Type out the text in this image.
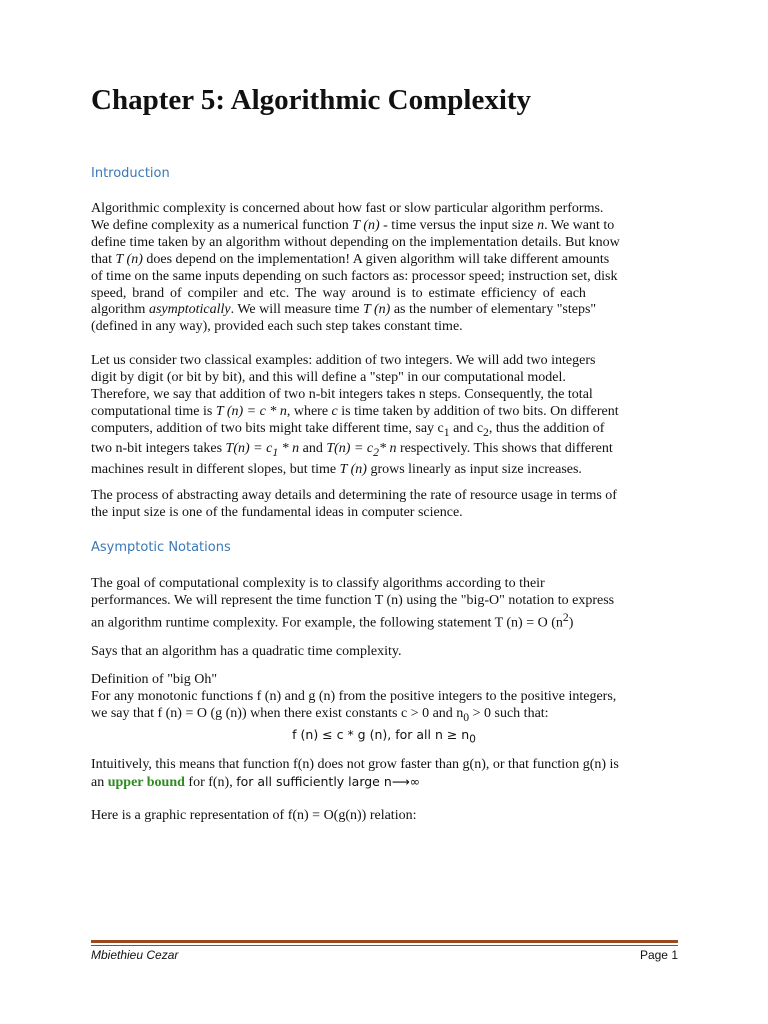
Chapter 5: Algorithmic Complexity
Introduction

Algorithmic complexity is concerned about how fast or slow particular algorithm performs.
We define complexity as a numerical function T (n) - time versus the input size n. We want to
define time taken by an algorithm without depending on the implementation details. But know
that T (n) does depend on the implementation! A given algorithm will take different amounts
of time on the same inputs depending on such factors as: processor speed; instruction set, disk
speed, brand of compiler and etc. The way around is to estimate efficiency of each
algorithm asymptotically. We will measure time T (n) as the number of elementary "steps"
(defined in any way), provided each such step takes constant time.

Let us consider two classical examples: addition of two integers. We will add two integers
digit by digit (or bit by bit), and this will define a "step" in our computational model.
Therefore, we say that addition of two n-bit integers takes n steps. Consequently, the total
computational time is T (n) = c * n, where c is time taken by addition of two bits. On different
computers, addition of two bits might take different time, say $c_1$ and $c_2$, thus the addition of
two n-bit integers takes $T(n) = c_1 * n$ and $T(n) = c_2*$ n respectively. This shows that different
machines result in different slopes, but time T (n) grows linearly as input size increases.

The process of abstracting away details and determining the rate of resource usage in terms of
the input size is one of the fundamental ideas in computer science.

Asymptotic Notations

The goal of computational complexity is to classify algorithms according to their
performances. We will represent the time function T (n) using the "big-O" notation to express
an algorithm runtime complexity. For example, the following statement T (n) = O $(n^2)$

Says that an algorithm has a quadratic time complexity.

Definition of "big Oh"
For any monotonic functions f (n) and g (n) from the positive integers to the positive integers,
we say that f (n) = O (g (n)) when there exist constants c > 0 and $n_0 > 0$ such that:
f (n) ≤ c * g (n), for all $n \ge n_0$

Intuitively, this means that function f(n) does not grow faster than g(n), or that function g(n) is
an upper bound for f(n), for all sufficiently large n⟶∞

Here is a graphic representation of f(n) = O(g(n)) relation:

Mbiethieu Cezar	Page 1
